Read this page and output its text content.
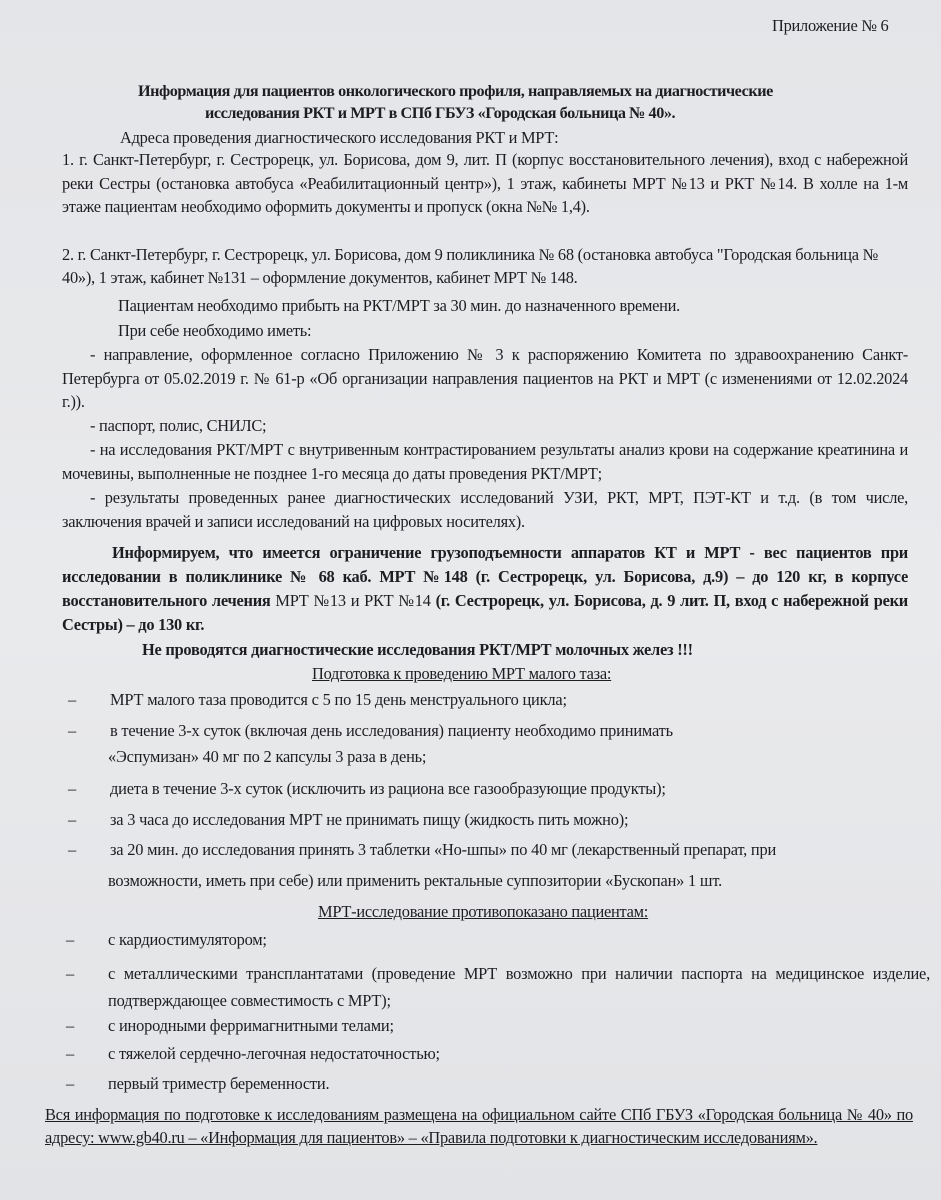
Приложение № 6
Информация для пациентов онкологического профиля, направляемых на диагностические
исследования РКТ и МРТ в СПб ГБУЗ «Городская больница № 40».
Адреса проведения диагностического исследования РКТ и МРТ:
1. г. Санкт-Петербург, г. Сестрорецк, ул. Борисова, дом 9, лит. П (корпус восстановительного лечения), вход с набережной реки Сестры (остановка автобуса «Реабилитационный центр»), 1 этаж, кабинеты МРТ №13 и РКТ №14. В холле на 1-м этаже пациентам необходимо оформить документы и пропуск (окна №№ 1,4).
2. г. Санкт-Петербург, г. Сестрорецк, ул. Борисова, дом 9 поликлиника № 68 (остановка автобуса "Городская больница № 40»), 1 этаж, кабинет №131 – оформление документов, кабинет МРТ № 148.
Пациентам необходимо прибыть на РКТ/МРТ за 30 мин. до назначенного времени.
При себе необходимо иметь:
- направление, оформленное согласно Приложению № 3 к распоряжению Комитета по здравоохранению Санкт-Петербурга от 05.02.2019 г. № 61-р «Об организации направления пациентов на РКТ и МРТ (с изменениями от 12.02.2024 г.)).
- паспорт, полис, СНИЛС;
- на исследования РКТ/МРТ с внутривенным контрастированием результаты анализ крови на содержание креатинина и мочевины, выполненные не позднее 1-го месяца до даты проведения РКТ/МРТ;
- результаты проведенных ранее диагностических исследований УЗИ, РКТ, МРТ, ПЭТ-КТ и т.д. (в том числе, заключения врачей и записи исследований на цифровых носителях).
Информируем, что имеется ограничение грузоподъемности аппаратов КТ и МРТ - вес пациентов при исследовании в поликлинике № 68 каб. МРТ №148 (г. Сестрорецк, ул. Борисова, д.9) – до 120 кг, в корпусе восстановительного лечения МРТ №13 и РКТ №14 (г. Сестрорецк, ул. Борисова, д. 9 лит. П, вход с набережной реки Сестры) – до 130 кг.
Не проводятся диагностические исследования РКТ/МРТ молочных желез !!!
Подготовка к проведению МРТ малого таза:
– МРТ малого таза проводится с 5 по 15 день менструального цикла;
– в течение 3-х суток (включая день исследования) пациенту необходимо принимать
«Эспумизан» 40 мг по 2 капсулы 3 раза в день;
– диета в течение 3-х суток (исключить из рациона все газообразующие продукты);
– за 3 часа до исследования МРТ не принимать пищу (жидкость пить можно);
– за 20 мин. до исследования принять 3 таблетки «Но-шпы» по 40 мг (лекарственный препарат, при
возможности, иметь при себе) или применить ректальные суппозитории «Бускопан» 1 шт.
МРТ-исследование противопоказано пациентам:
– с кардиостимулятором;
– с металлическими трансплантатами (проведение МРТ возможно при наличии паспорта на медицинское изделие, подтверждающее совместимость с МРТ);
– с инородными ферримагнитными телами;
– с тяжелой сердечно-легочная недостаточностью;
– первый триместр беременности.
Вся информация по подготовке к исследованиям размещена на официальном сайте СПб ГБУЗ «Городская больница № 40» по адресу: www.gb40.ru – «Информация для пациентов» – «Правила подготовки к диагностическим исследованиям».
